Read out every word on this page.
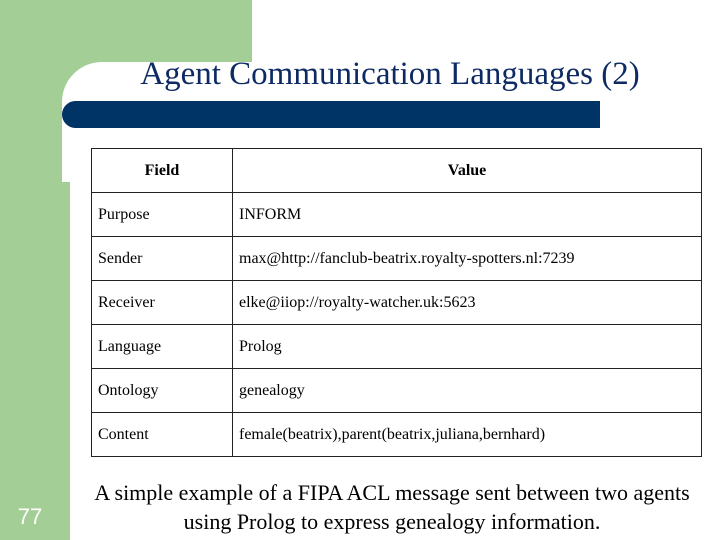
Agent Communication Languages (2)
Field	Value
Purpose	INFORM
Sender	max@http://fanclub-beatrix.royalty-spotters.nl:7239
Receiver	elke@iiop://royalty-watcher.uk:5623
Language	Prolog
Ontology	genealogy
Content	female(beatrix),parent(beatrix,juliana,bernhard)
A simple example of a FIPA ACL message sent between two agents using Prolog to express genealogy information.
77
